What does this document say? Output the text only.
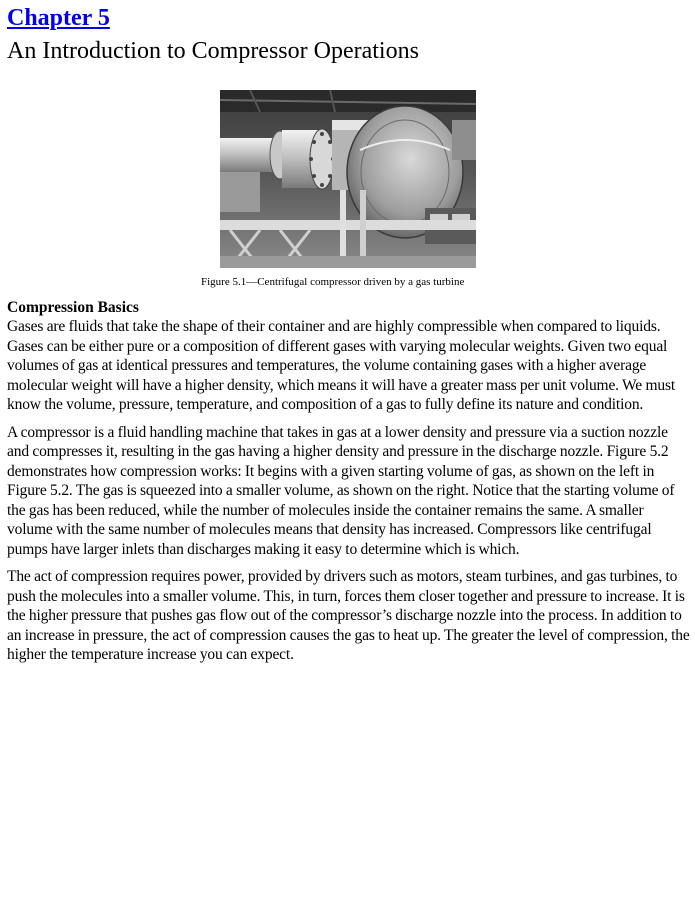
Chapter 5
An Introduction to Compressor Operations
Figure 5.1—Centrifugal compressor driven by a gas turbine
Compression Basics

Gases are fluids that take the shape of their container and are highly compressible when compared to liquids. Gases can be either pure or a composition of different gases with varying molecular weights. Given two equal volumes of gas at identical pressures and temperatures, the volume containing gases with a higher average molecular weight will have a higher density, which means it will have a greater mass per unit volume. We must know the volume, pressure, temperature, and composition of a gas to fully define its nature and condition.

A compressor is a fluid handling machine that takes in gas at a lower density and pressure via a suction nozzle and compresses it, resulting in the gas having a higher density and pressure in the discharge nozzle. Figure 5.2 demonstrates how compression works: It begins with a given starting volume of gas, as shown on the left in Figure 5.2. The gas is squeezed into a smaller volume, as shown on the right. Notice that the starting volume of the gas has been reduced, while the number of molecules inside the container remains the same. A smaller volume with the same number of molecules means that density has increased. Compressors like centrifugal pumps have larger inlets than discharges making it easy to determine which is which.

The act of compression requires power, provided by drivers such as motors, steam turbines, and gas turbines, to push the molecules into a smaller volume. This, in turn, forces them closer together and pressure to increase. It is the higher pressure that pushes gas flow out of the compressor’s discharge nozzle into the process. In addition to an increase in pressure, the act of compression causes the gas to heat up. The greater the level of compression, the higher the temperature increase you can expect.
